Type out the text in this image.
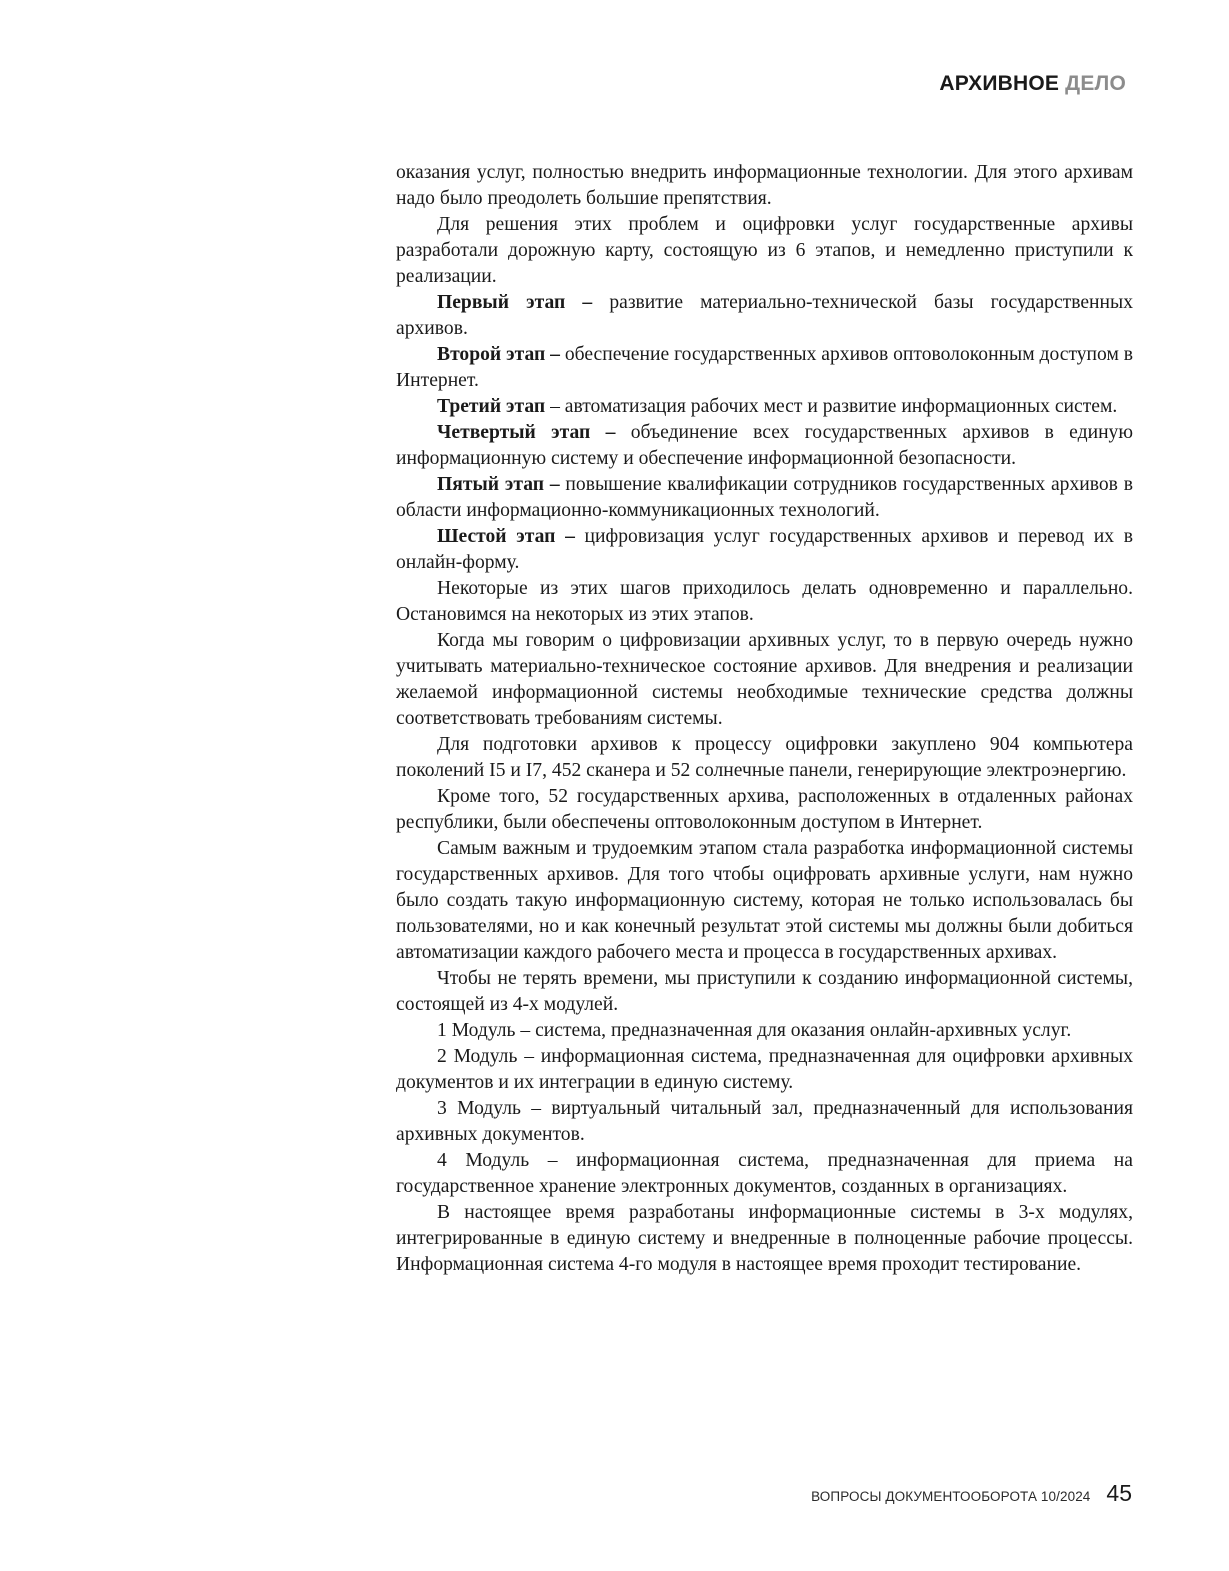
АРХИВНОЕ ДЕЛО

оказания услуг, полностью внедрить информационные технологии. Для этого архивам надо было преодолеть большие препятствия.

Для решения этих проблем и оцифровки услуг государственные архивы разработали дорожную карту, состоящую из 6 этапов, и немедленно приступили к реализации.

Первый этап – развитие материально-технической базы государственных архивов.

Второй этап – обеспечение государственных архивов оптоволоконным доступом в Интернет.

Третий этап – автоматизация рабочих мест и развитие информационных систем.

Четвертый этап – объединение всех государственных архивов в единую информационную систему и обеспечение информационной безопасности.

Пятый этап – повышение квалификации сотрудников государственных архивов в области информационно-коммуникационных технологий.

Шестой этап – цифровизация услуг государственных архивов и перевод их в онлайн-форму.

Некоторые из этих шагов приходилось делать одновременно и параллельно. Остановимся на некоторых из этих этапов.

Когда мы говорим о цифровизации архивных услуг, то в первую очередь нужно учитывать материально-техническое состояние архивов. Для внедрения и реализации желаемой информационной системы необходимые технические средства должны соответствовать требованиям системы.

Для подготовки архивов к процессу оцифровки закуплено 904 компьютера поколений I5 и I7, 452 сканера и 52 солнечные панели, генерирующие электроэнергию.

Кроме того, 52 государственных архива, расположенных в отдаленных районах республики, были обеспечены оптоволоконным доступом в Интернет.

Самым важным и трудоемким этапом стала разработка информационной системы государственных архивов. Для того чтобы оцифровать архивные услуги, нам нужно было создать такую информационную систему, которая не только использовалась бы пользователями, но и как конечный результат этой системы мы должны были добиться автоматизации каждого рабочего места и процесса в государственных архивах.

Чтобы не терять времени, мы приступили к созданию информационной системы, состоящей из 4-х модулей.

1 Модуль – система, предназначенная для оказания онлайн-архивных услуг.

2 Модуль – информационная система, предназначенная для оцифровки архивных документов и их интеграции в единую систему.

3 Модуль – виртуальный читальный зал, предназначенный для использования архивных документов.

4 Модуль – информационная система, предназначенная для приема на государственное хранение электронных документов, созданных в организациях.

В настоящее время разработаны информационные системы в 3-х модулях, интегрированные в единую систему и внедренные в полноценные рабочие процессы. Информационная система 4-го модуля в настоящее время проходит тестирование.

ВОПРОСЫ ДОКУМЕНТООБОРОТА 10/2024 45
